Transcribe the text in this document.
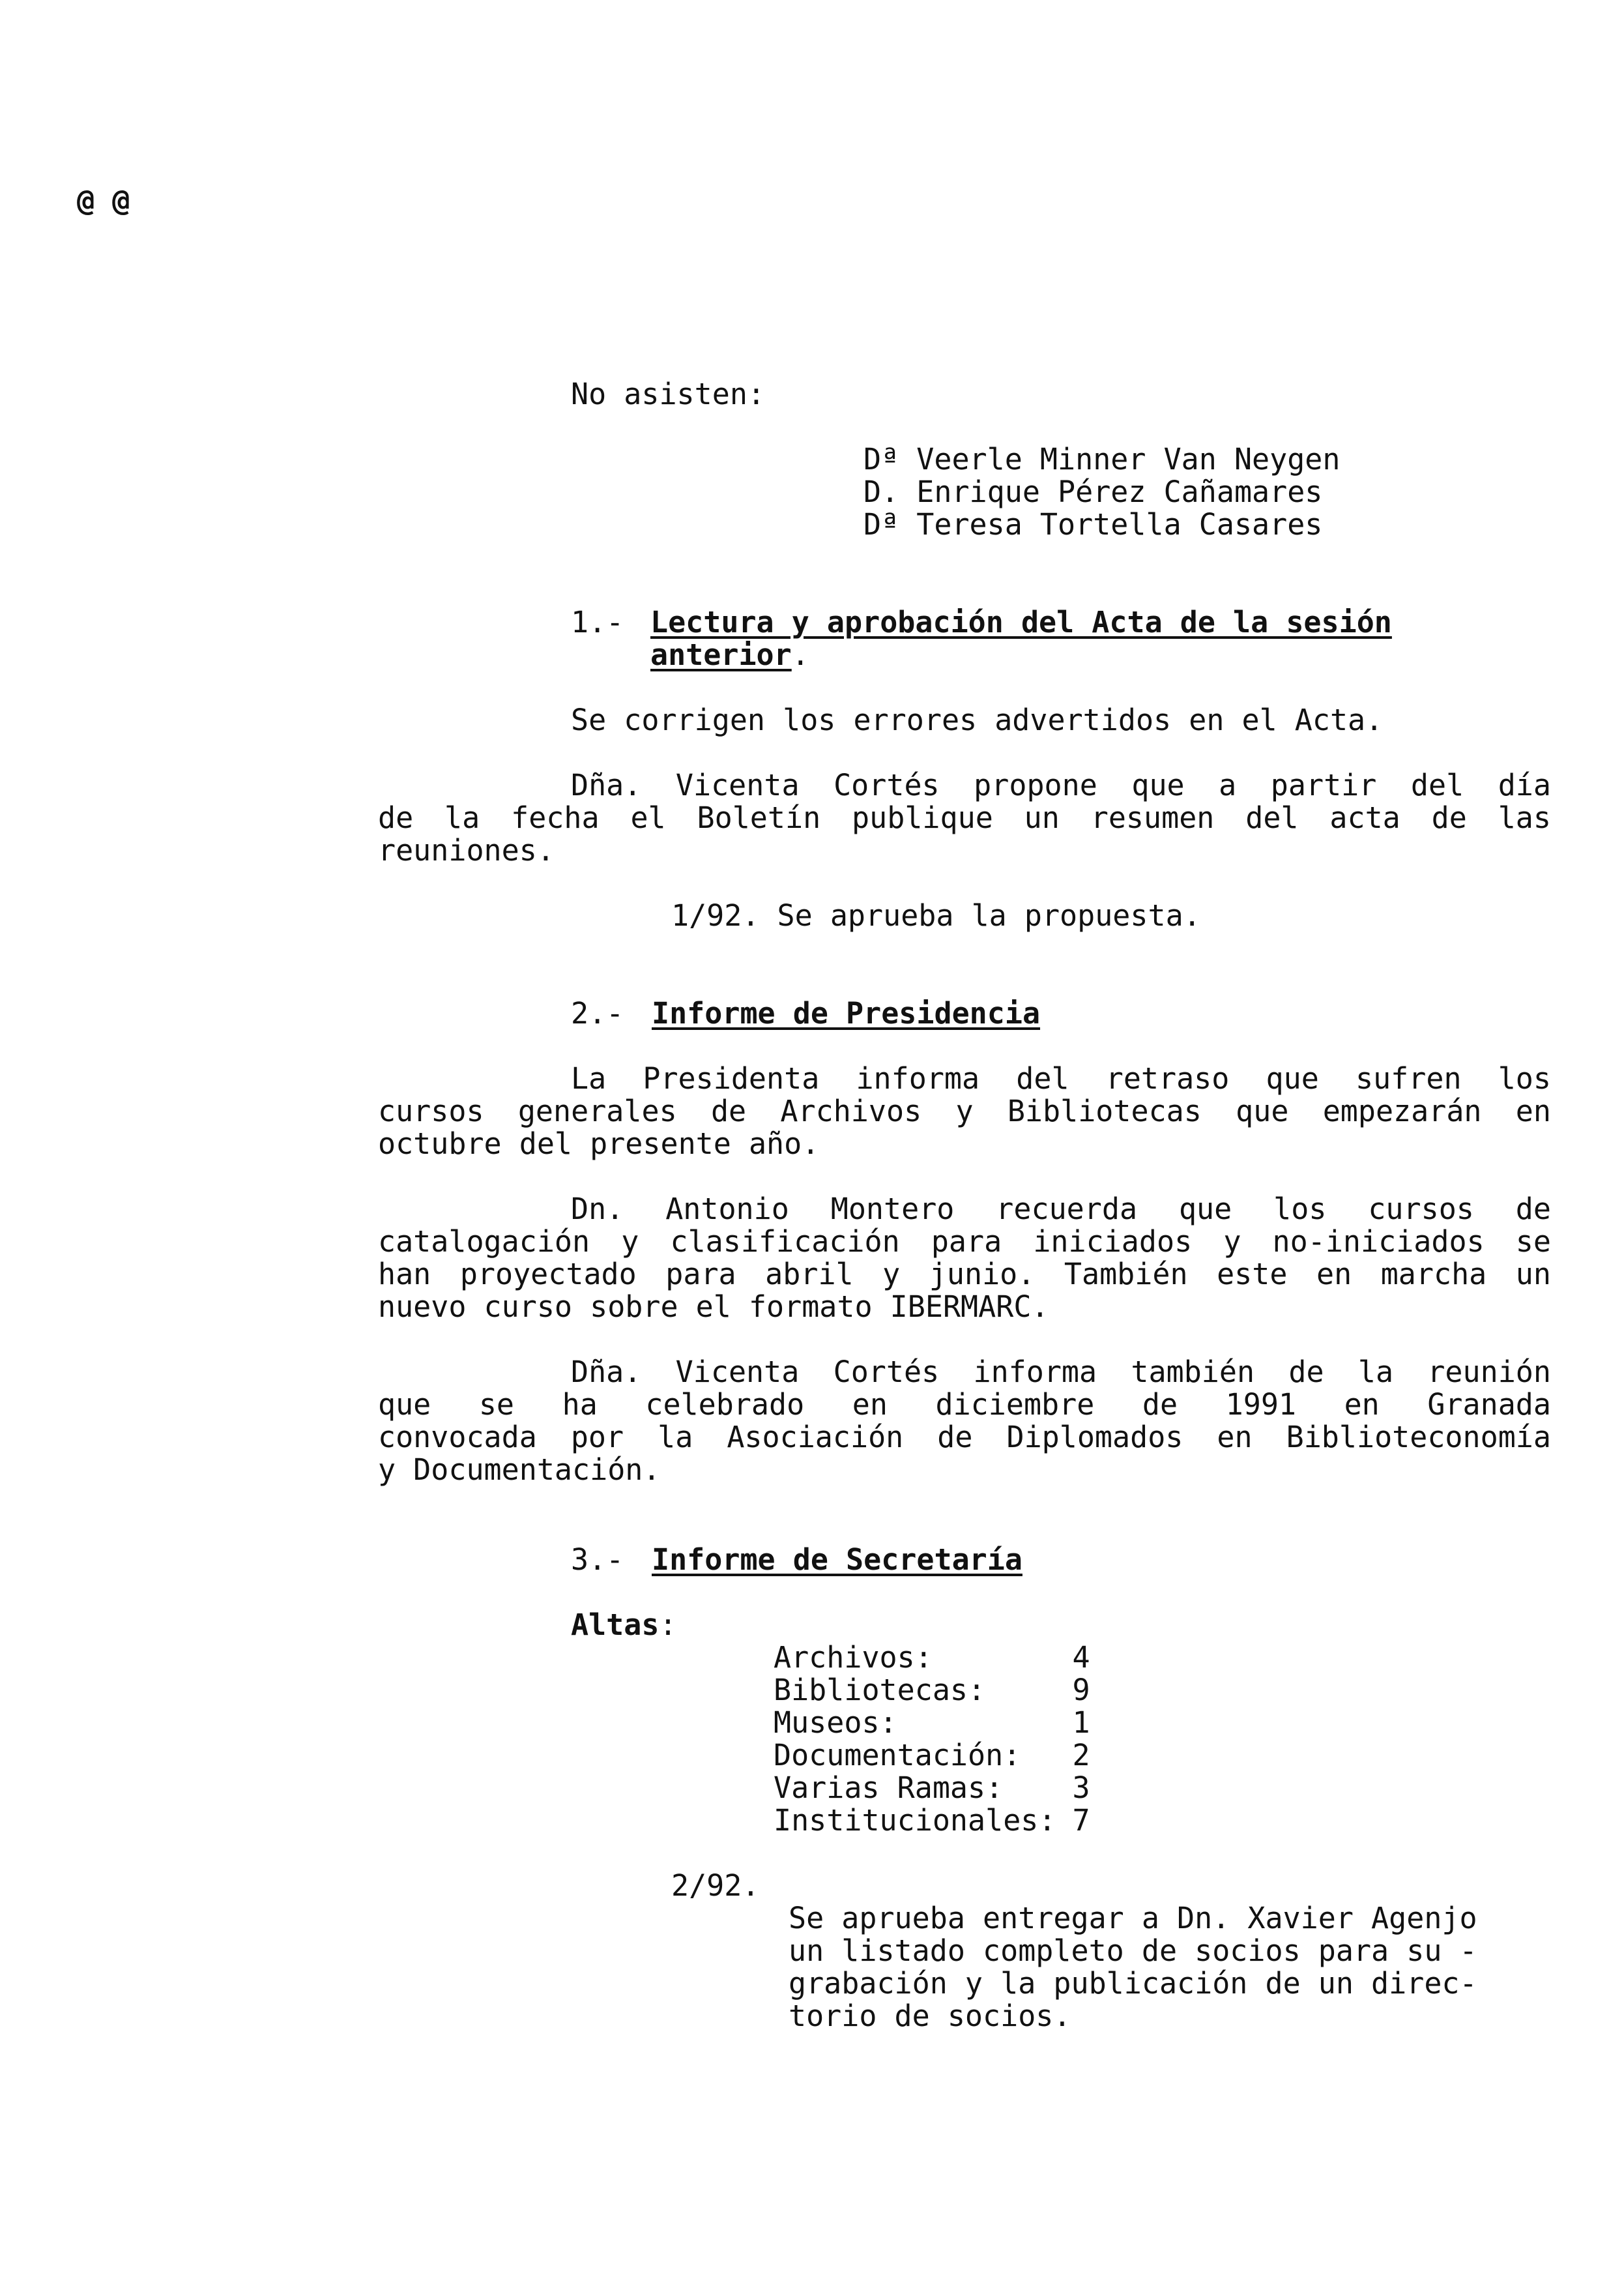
@ @
No asisten:
Dª Veerle Minner Van Neygen
D. Enrique Pérez Cañamares
Dª Teresa Tortella Casares
1.- Lectura y aprobación del Acta de la sesión
anterior.
Se corrigen los errores advertidos en el Acta.
Dña. Vicenta Cortés propone que a partir del día
de la fecha el Boletín publique un resumen del acta de las
reuniones.
1/92. Se aprueba la propuesta.
2.- Informe de Presidencia
La Presidenta informa del retraso que sufren los
cursos generales de Archivos y Bibliotecas que empezarán en
octubre del presente año.
Dn. Antonio Montero recuerda que los cursos de
catalogación y clasificación para iniciados y no-iniciados se
han proyectado para abril y junio. También este en marcha un
nuevo curso sobre el formato IBERMARC.
Dña. Vicenta Cortés informa también de la reunión
que se ha celebrado en diciembre de 1991 en Granada
convocada por la Asociación de Diplomados en Biblioteconomía
y Documentación.
3.- Informe de Secretaría
Altas:
Archivos:	4
Bibliotecas:	9
Museos:	1
Documentación:	2
Varias Ramas:	3
Institucionales:	7
2/92.

Se aprueba entregar a Dn. Xavier Agenjo
un listado completo de socios para su -
grabación y la publicación de un direc-
torio de socios.
